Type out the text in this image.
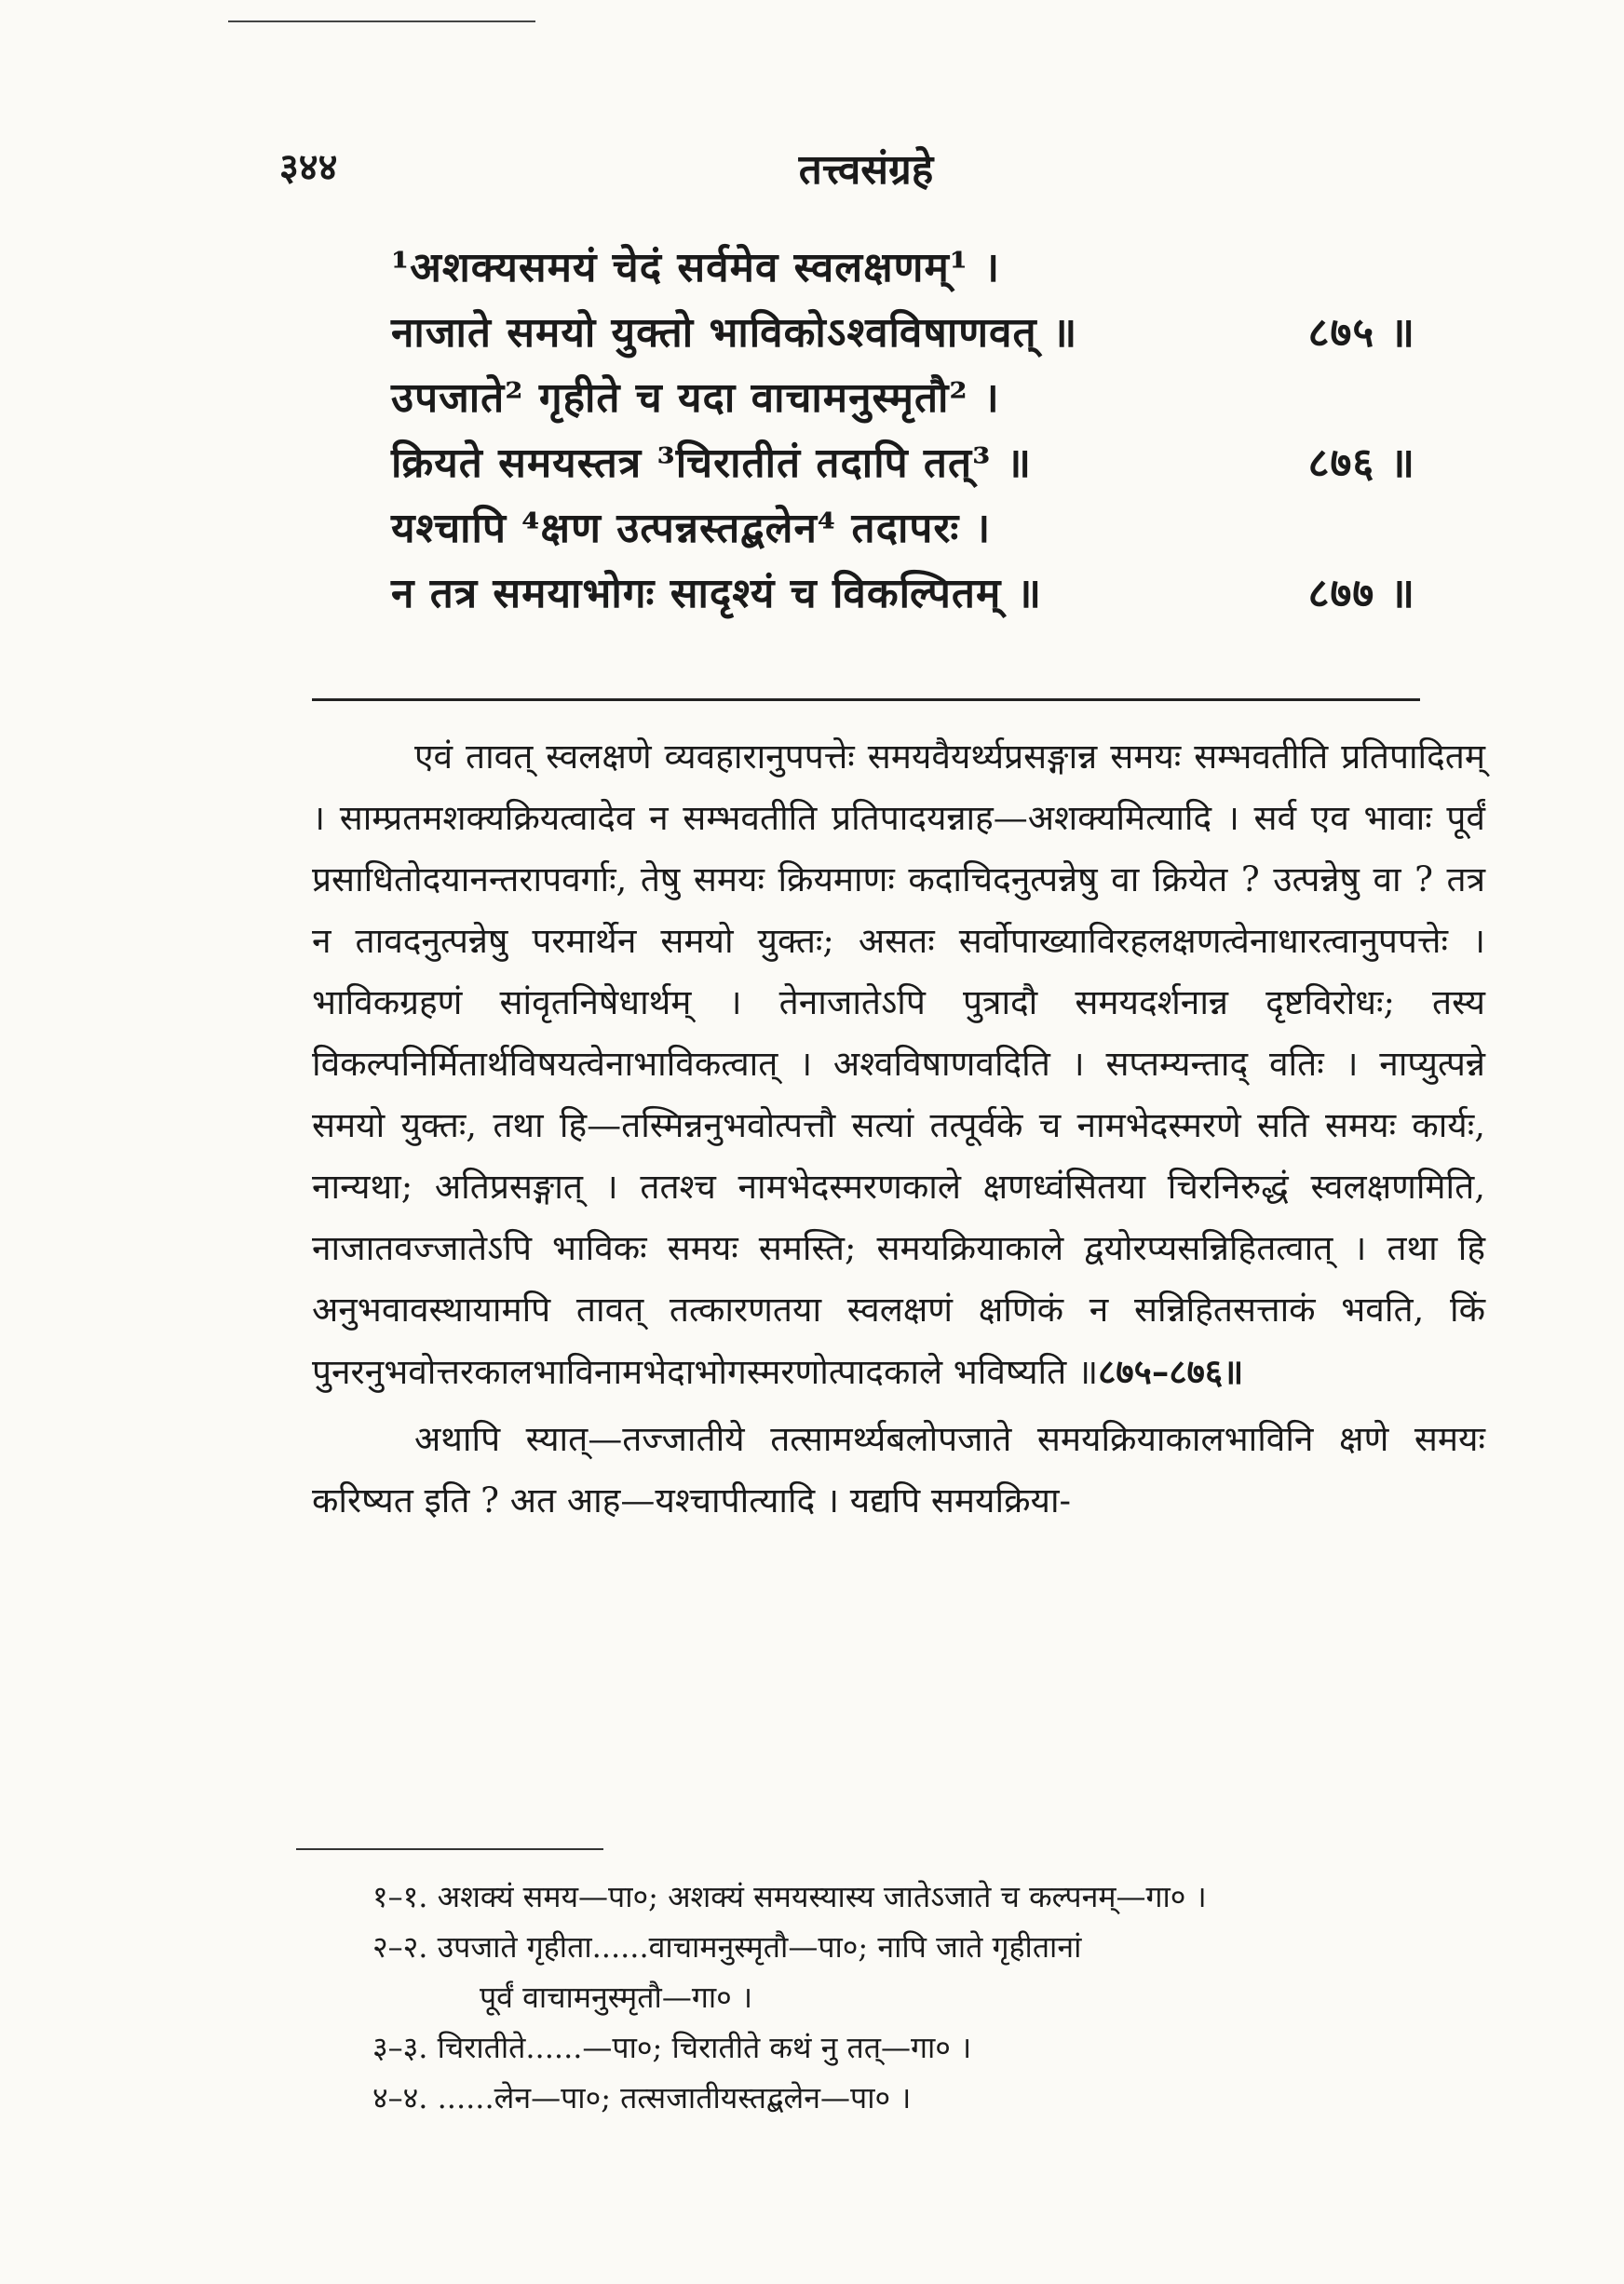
३४४	तत्त्वसंग्रहे
¹अशक्यसमयं चेदं सर्वमेव स्वलक्षणम्¹ ।
नाजाते समयो युक्तो भाविकोऽश्वविषाणवत् ॥	८७५ ॥
उपजाते² गृहीते च यदा वाचामनुस्मृतौ² ।
क्रियते समयस्तत्र ³चिरातीतं तदापि तत्³ ॥	८७६ ॥
यश्चापि ⁴क्षण उत्पन्नस्तद्बलेन⁴ तदापरः ।
न तत्र समयाभोगः सादृश्यं च विकल्पितम् ॥	८७७ ॥

एवं तावत् स्वलक्षणे व्यवहारानुपपत्तेः समयवैयर्थ्यप्रसङ्गान्न समयः सम्भवतीति प्रतिपादितम् । साम्प्रतमशक्यक्रियत्वादेव न सम्भवतीति प्रतिपादयन्नाह—अशक्यमित्यादि । सर्व एव भावाः पूर्वं प्रसाधितोदयानन्तरापवर्गाः, तेषु समयः क्रियमाणः कदाचिदनुत्पन्नेषु वा क्रियेत ? उत्पन्नेषु वा ? तत्र न तावदनुत्पन्नेषु परमार्थेन समयो युक्तः; असतः सर्वोपाख्याविरहलक्षणत्वेनाधारत्वानुपपत्तेः । भाविकग्रहणं सांवृतनिषेधार्थम् । तेनाजातेऽपि पुत्रादौ समयदर्शनान्न दृष्टविरोधः; तस्य विकल्पनिर्मितार्थविषयत्वेनाभाविकत्वात् । अश्वविषाणवदिति । सप्तम्यन्ताद् वतिः । नाप्युत्पन्ने समयो युक्तः, तथा हि—तस्मिन्ननुभवोत्पत्तौ सत्यां तत्पूर्वके च नामभेदस्मरणे सति समयः कार्यः, नान्यथा; अतिप्रसङ्गात् । ततश्च नामभेदस्मरणकाले क्षणध्वंसितया चिरनिरुद्धं स्वलक्षणमिति, नाजातवज्जातेऽपि भाविकः समयः समस्ति; समयक्रियाकाले द्वयोरप्यसन्निहितत्वात् । तथा हि अनुभवावस्थायामपि तावत् तत्कारणतया स्वलक्षणं क्षणिकं न सन्निहितसत्ताकं भवति, किं पुनरनुभवोत्तरकालभाविनामभेदाभोगस्मरणोत्पादकाले भविष्यति ॥८७५–८७६॥

अथापि स्यात्—तज्जातीये तत्सामर्थ्यबलोपजाते समयक्रियाकालभाविनि क्षणे समयः करिष्यत इति ? अत आह—यश्चापीत्यादि । यद्यपि समयक्रिया-

१–१. अशक्यं समय—पा०; अशक्यं समयस्यास्य जातेऽजाते च कल्पनम्—गा० ।
२–२. उपजाते गृहीता......वाचामनुस्मृतौ—पा०; नापि जाते गृहीतानां
पूर्वं वाचामनुस्मृतौ—गा० ।
३–३. चिरातीते......—पा०; चिरातीते कथं नु तत्—गा० ।
४–४. ......लेन—पा०; तत्सजातीयस्तद्बलेन—पा० ।
